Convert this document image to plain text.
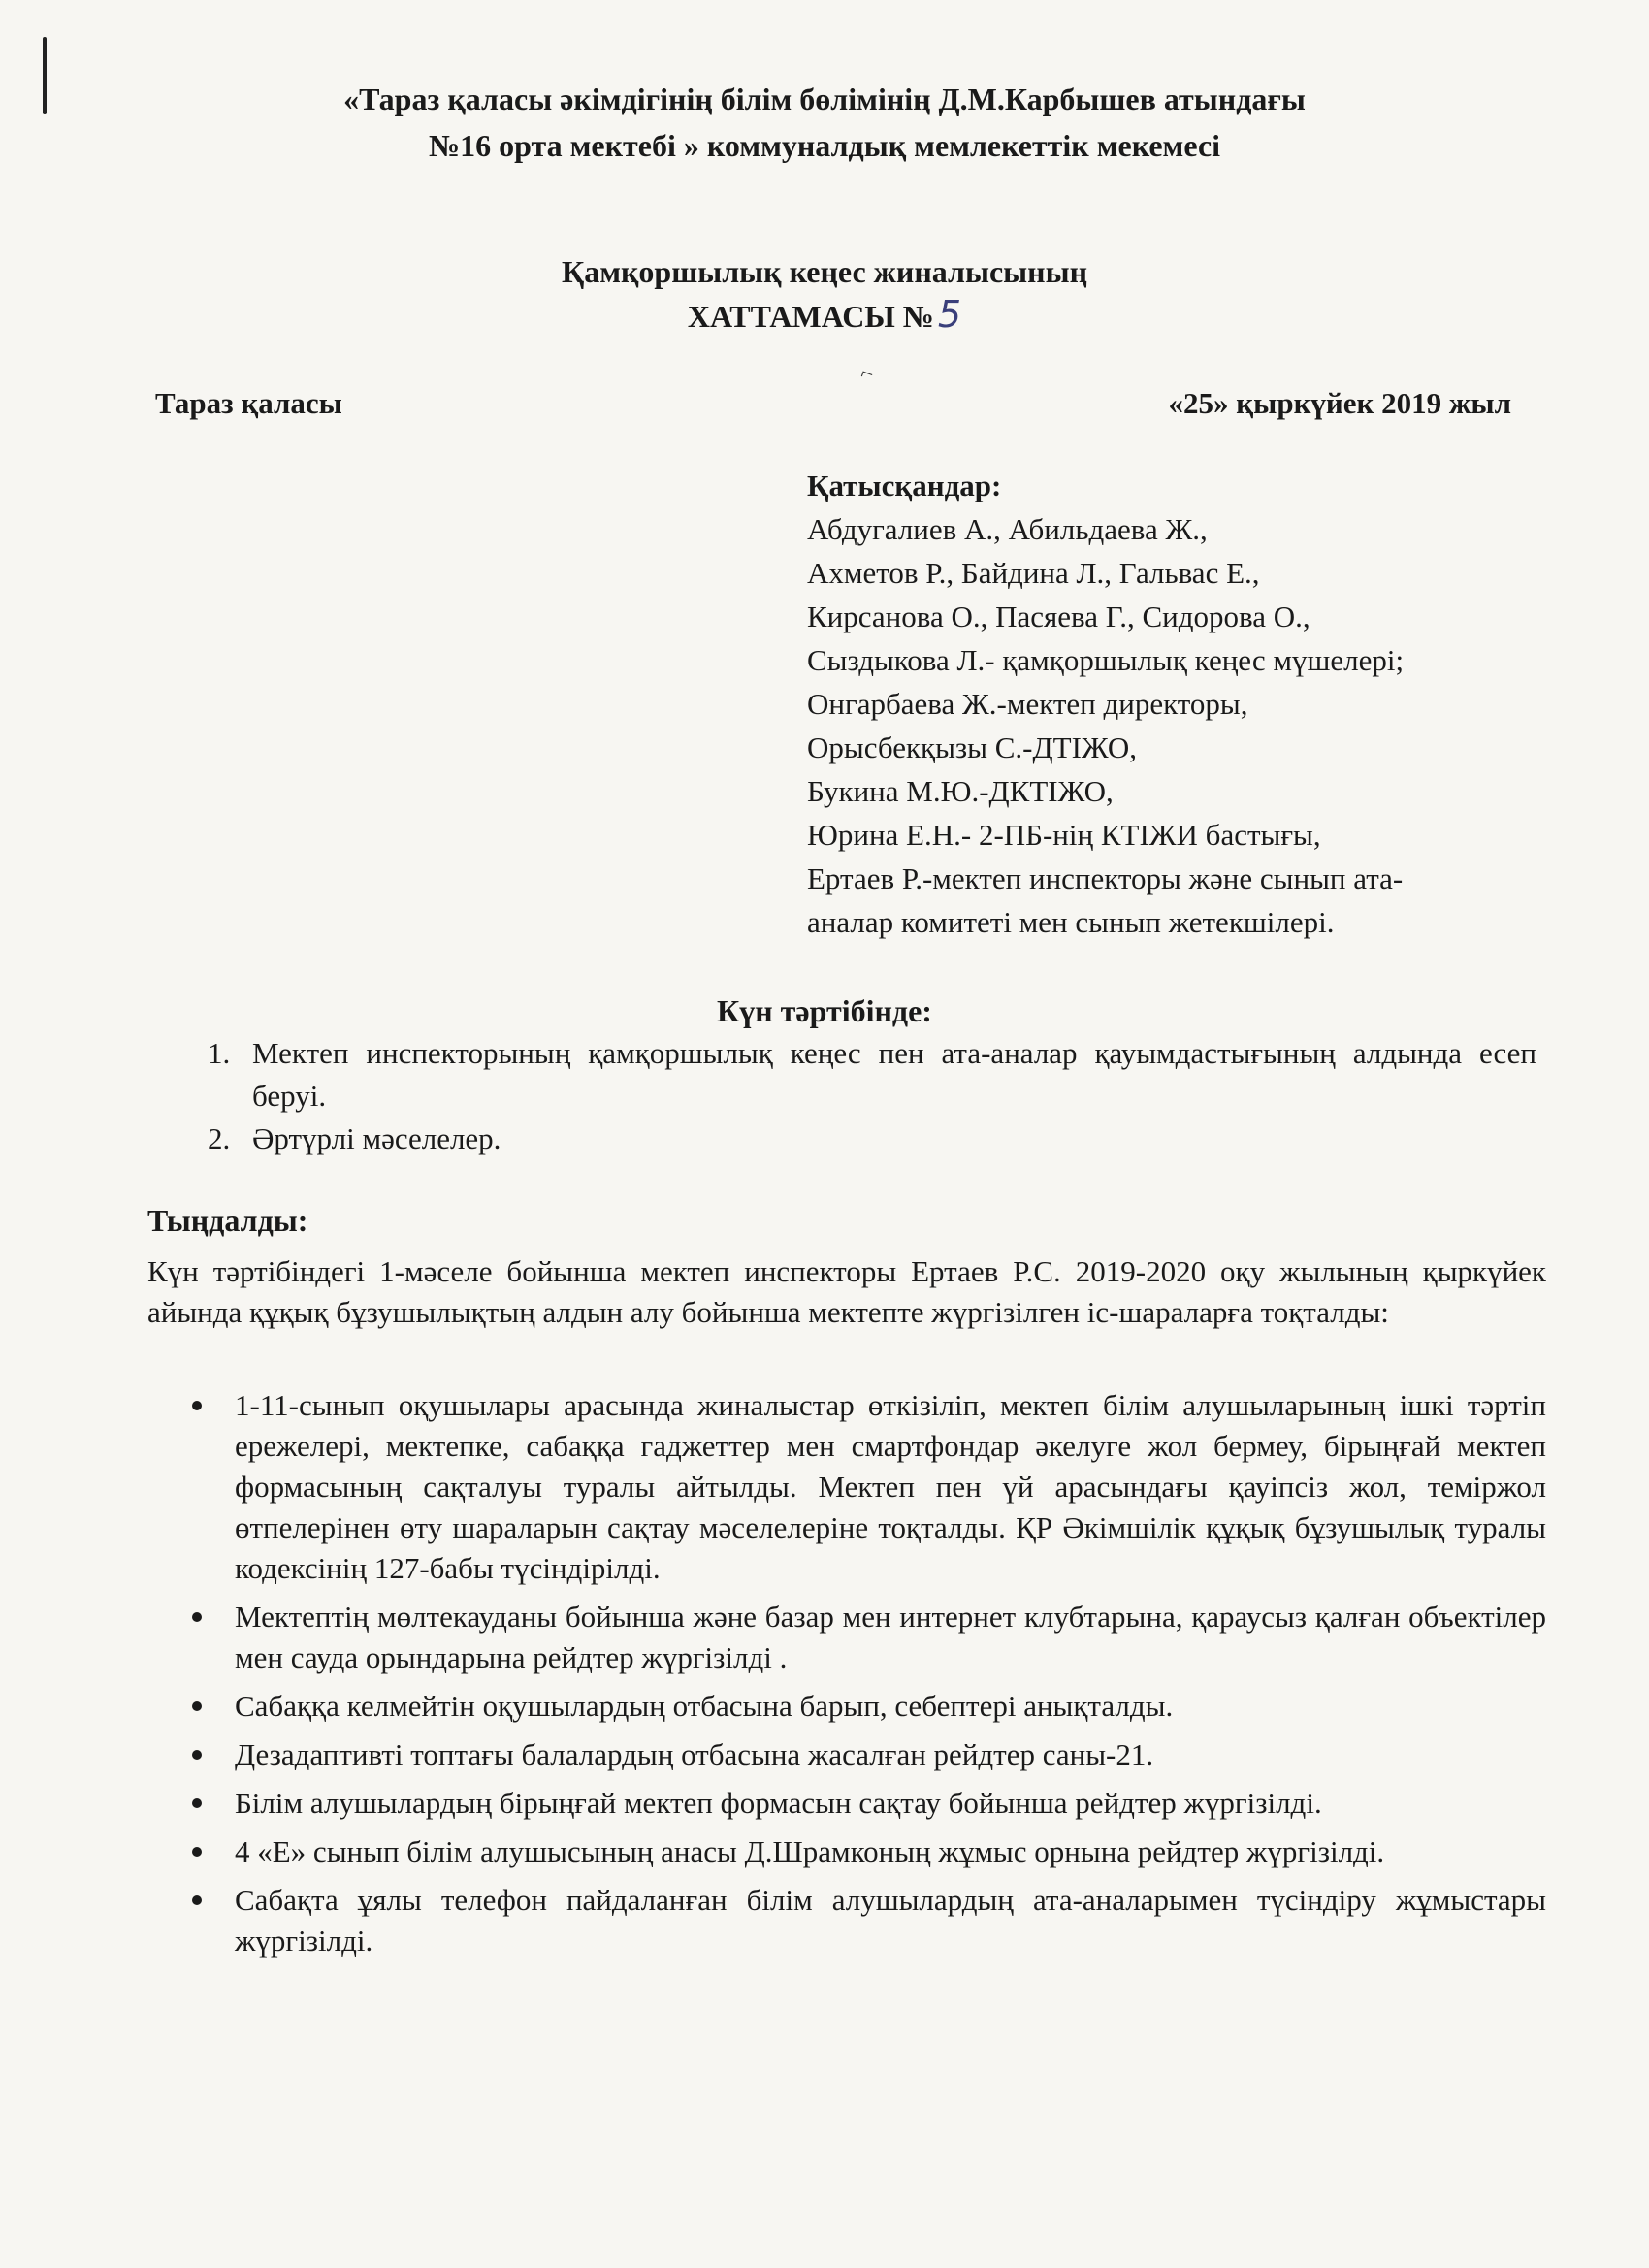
«Тараз қаласы әкімдігінің білім бөлімінің Д.М.Карбышев атындағы
№16 орта мектебі » коммуналдық мемлекеттік мекемесі
Қамқоршылық кеңес жиналысының
ХАТТАМАСЫ № 5
⌐
Тараз қаласы	«25» қыркүйек 2019 жыл
Қатысқандар:
Абдугалиев А., Абильдаева Ж.,
Ахметов Р., Байдина Л., Гальвас Е.,
Кирсанова О., Пасяева Г., Сидорова О.,
Сыздыкова Л.- қамқоршылық кеңес мүшелері;
Онгарбаева Ж.-мектеп директоры,
Орысбекқызы С.-ДТІЖО,
Букина М.Ю.-ДКТІЖО,
Юрина Е.Н.- 2-ПБ-нің КТІЖИ бастығы,
Ертаев Р.-мектеп инспекторы және сынып ата-
аналар комитеті мен сынып жетекшілері.
Күн тәртібінде:
1. Мектеп инспекторының қамқоршылық кеңес пен ата-аналар қауымдастығының алдында есеп беруі.
2. Әртүрлі мәселелер.
Тыңдалды:
Күн тәртібіндегі 1-мәселе бойынша мектеп инспекторы Ертаев Р.С. 2019-2020 оқу жылының қыркүйек айында құқық бұзушылықтың алдын алу бойынша мектепте жүргізілген іс-шараларға тоқталды:
1-11-сынып оқушылары арасында жиналыстар өткізіліп, мектеп білім алушыларының ішкі тәртіп ережелері, мектепке, сабаққа гаджеттер мен смартфондар әкелуге жол бермеу, бірыңғай мектеп формасының сақталуы туралы айтылды. Мектеп пен үй арасындағы қауіпсіз жол, теміржол өтпелерінен өту шараларын сақтау мәселелеріне тоқталды. ҚР Әкімшілік құқық бұзушылық туралы кодексінің 127-бабы түсіндірілді.
Мектептің мөлтекауданы бойынша және базар мен интернет клубтарына, қараусыз қалған объектілер мен сауда орындарына рейдтер жүргізілді .
Сабаққа келмейтін оқушылардың отбасына барып, себептері анықталды.
Дезадаптивті топтағы балалардың отбасына жасалған рейдтер саны-21.
Білім алушылардың бірыңғай мектеп формасын сақтау бойынша рейдтер жүргізілді.
4 «Е» сынып білім алушысының анасы Д.Шрамконың жұмыс орнына рейдтер жүргізілді.
Сабақта ұялы телефон пайдаланған білім алушылардың ата-аналарымен түсіндіру жұмыстары жүргізілді.
